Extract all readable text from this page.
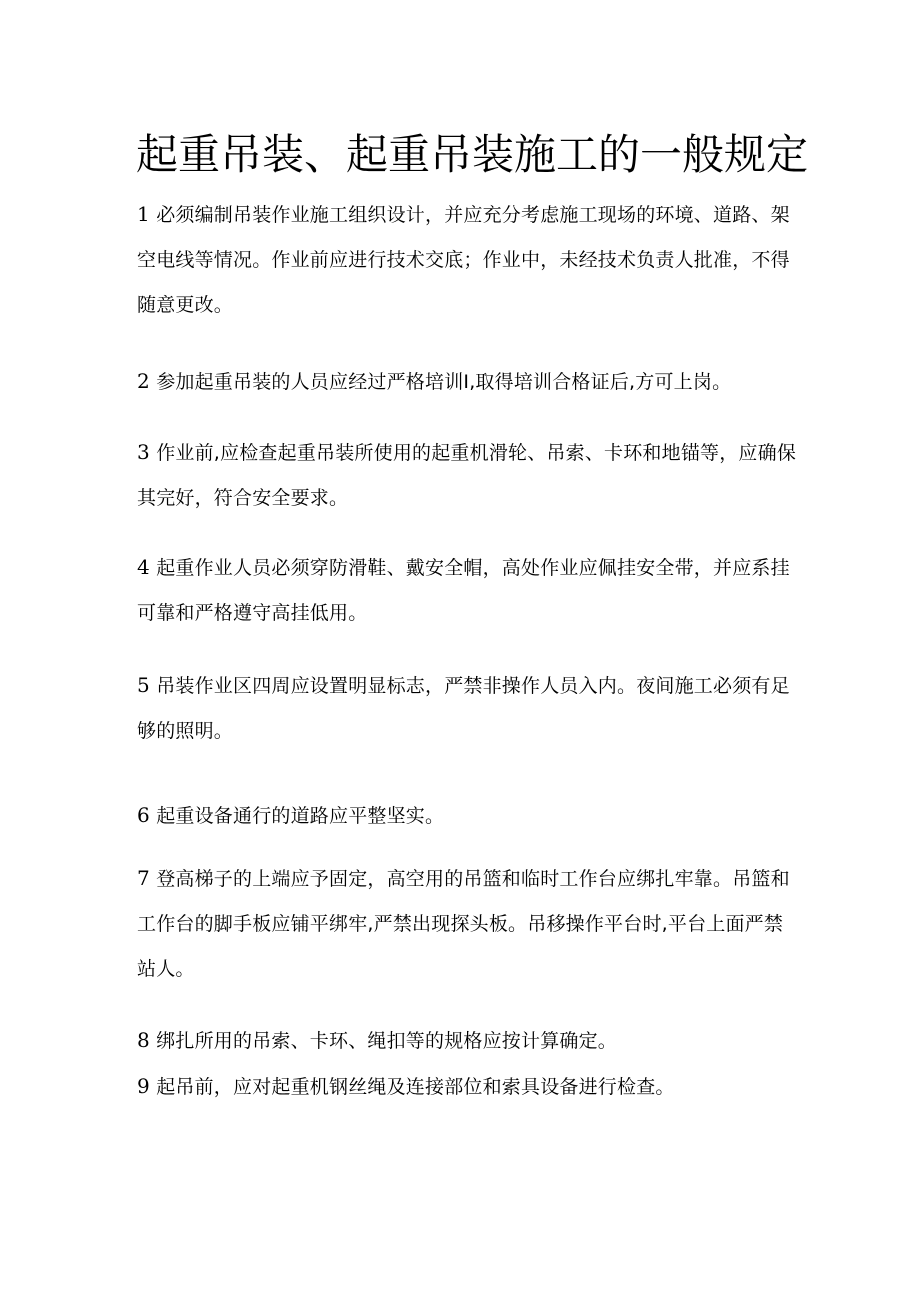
起重吊装、起重吊装施工的一般规定

1 必须编制吊装作业施工组织设计，并应充分考虑施工现场的环境、道路、架空电线等情况。作业前应进行技术交底；作业中，未经技术负责人批准，不得随意更改。

2 参加起重吊装的人员应经过严格培训I,取得培训合格证后,方可上岗。

3 作业前,应检查起重吊装所使用的起重机滑轮、吊索、卡环和地锚等，应确保其完好，符合安全要求。

4 起重作业人员必须穿防滑鞋、戴安全帽，高处作业应佩挂安全带，并应系挂可靠和严格遵守高挂低用。

5 吊装作业区四周应设置明显标志，严禁非操作人员入内。夜间施工必须有足够的照明。

6 起重设备通行的道路应平整坚实。

7 登高梯子的上端应予固定，高空用的吊篮和临时工作台应绑扎牢靠。吊篮和工作台的脚手板应铺平绑牢,严禁出现探头板。吊移操作平台时,平台上面严禁站人。

8 绑扎所用的吊索、卡环、绳扣等的规格应按计算确定。

9 起吊前，应对起重机钢丝绳及连接部位和索具设备进行检查。
